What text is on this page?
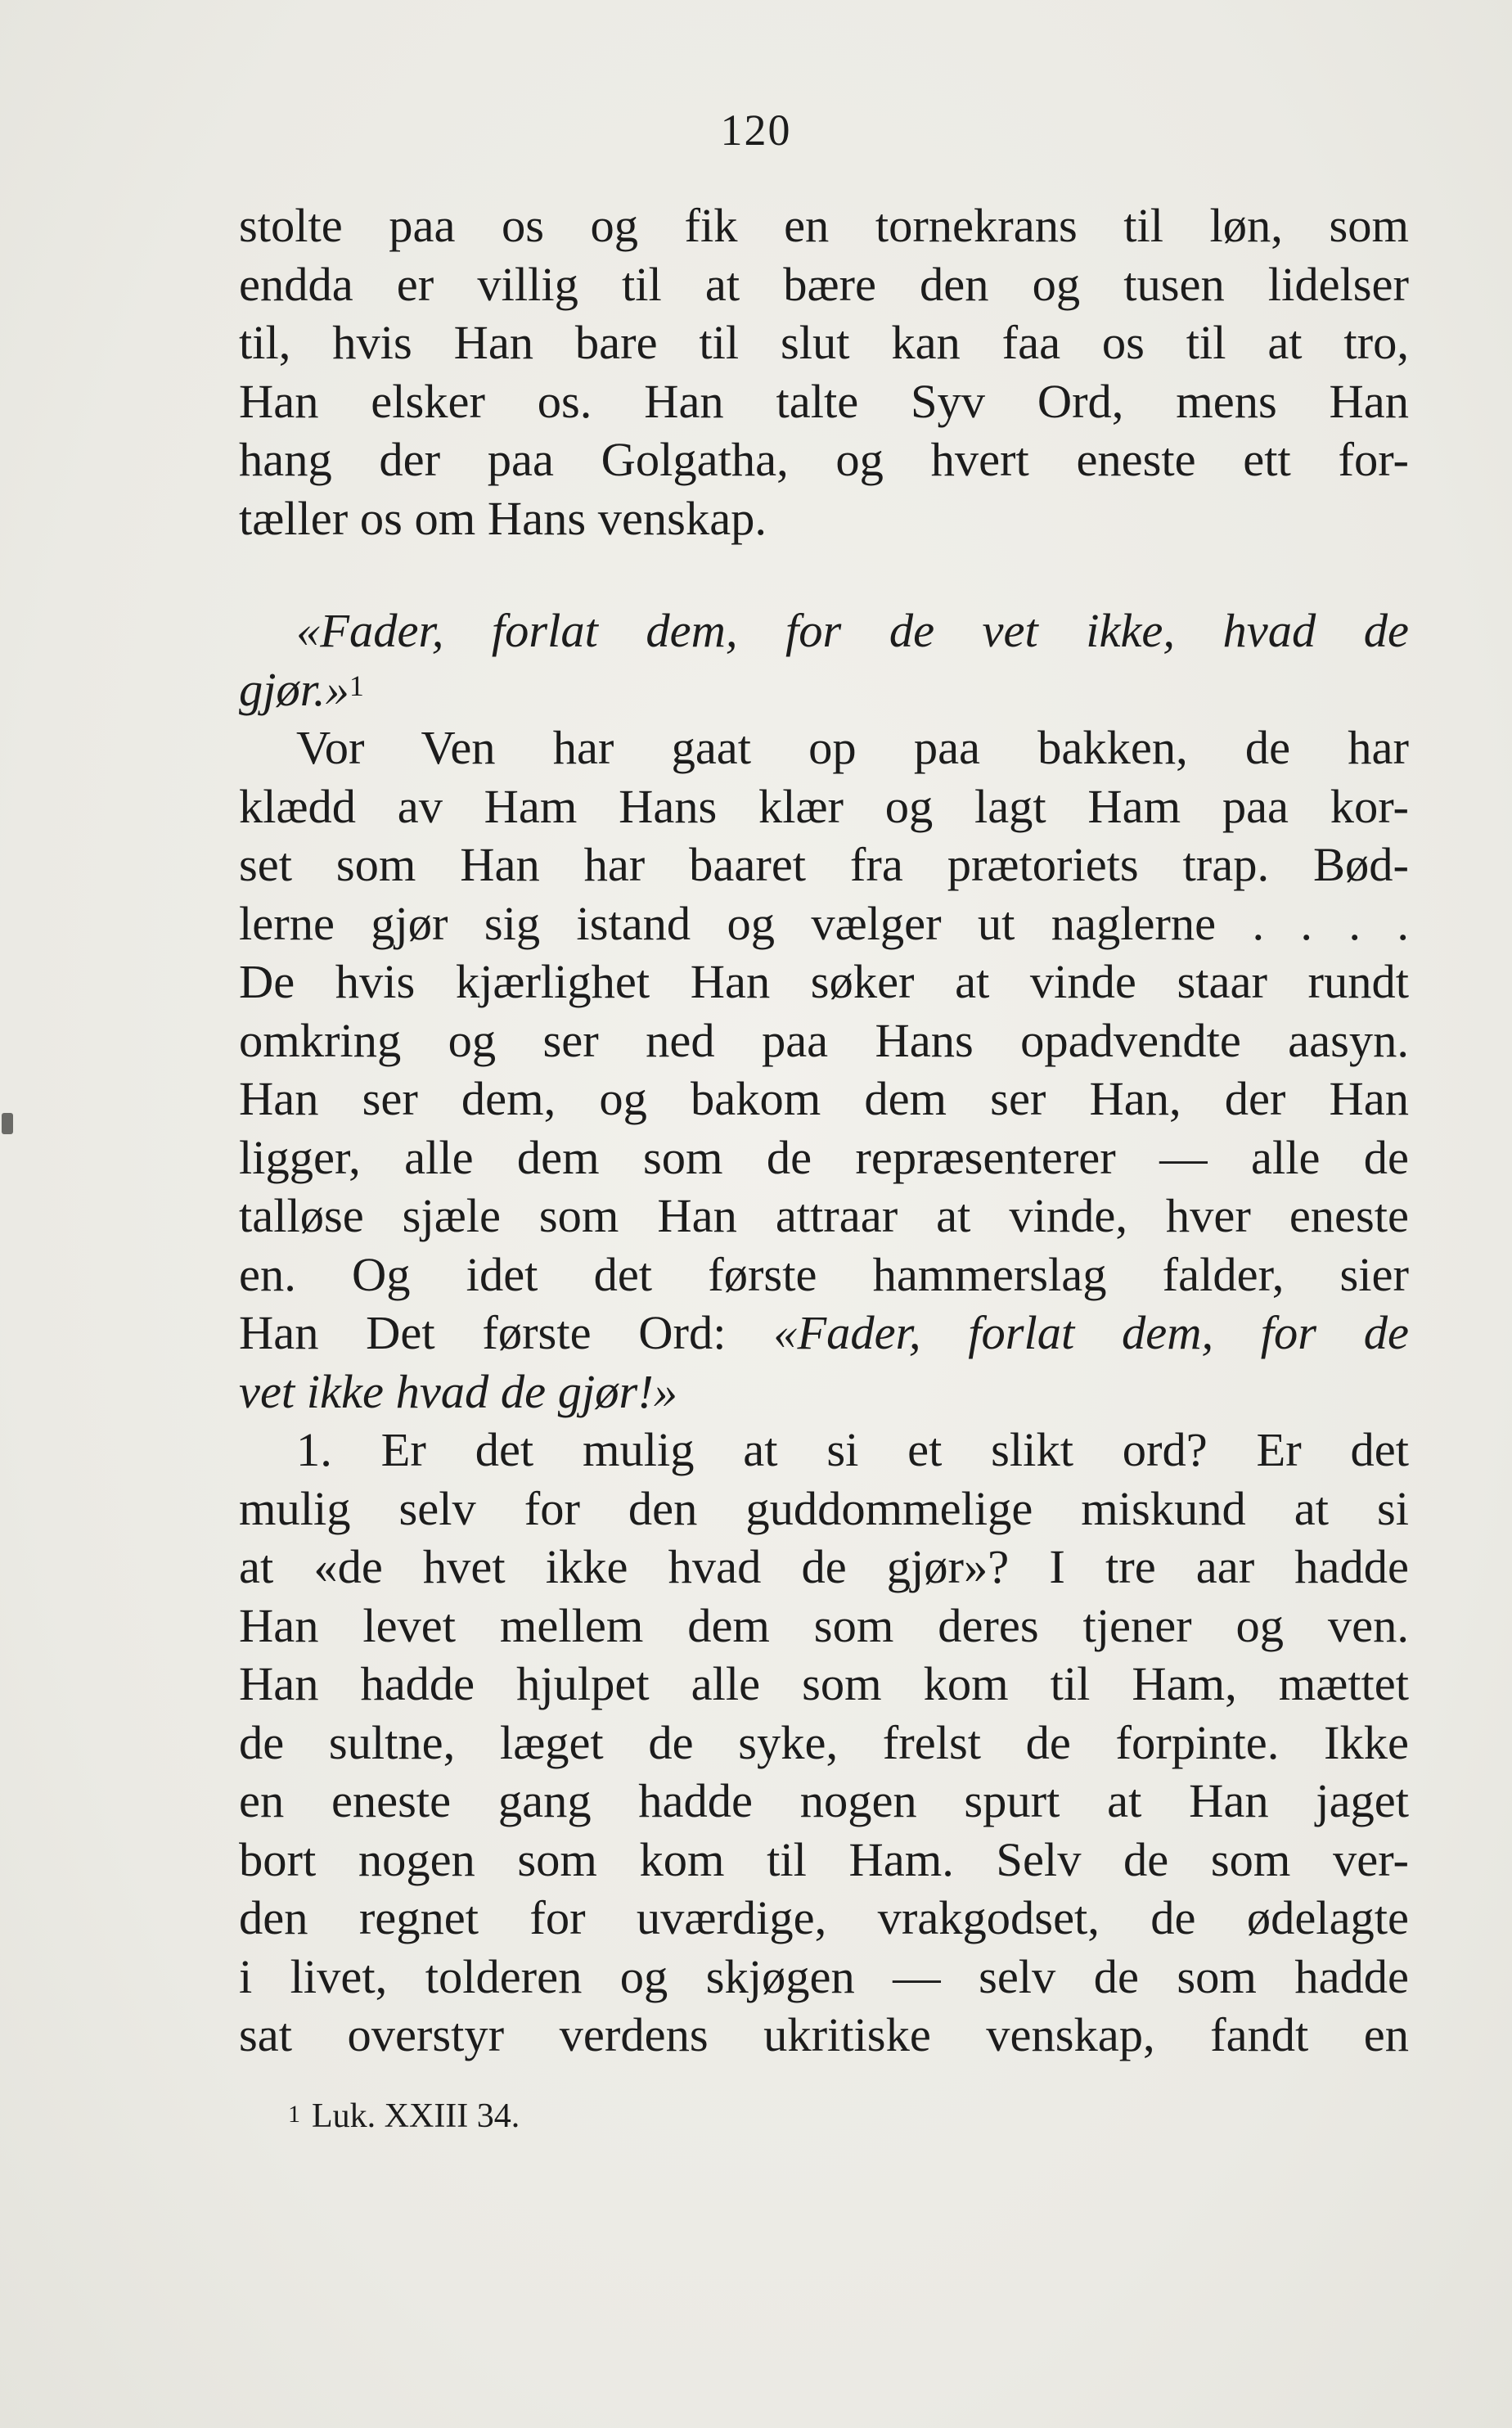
120
stolte paa os og fik en tornekrans til løn, som
endda er villig til at bære den og tusen lidelser
til, hvis Han bare til slut kan faa os til at tro,
Han elsker os. Han talte Syv Ord, mens Han
hang der paa Golgatha, og hvert eneste ett for-
tæller os om Hans venskap.
«Fader, forlat dem, for de vet ikke, hvad de
gjør.»$^1$
Vor Ven har gaat op paa bakken, de har
klædd av Ham Hans klær og lagt Ham paa kor-
set som Han har baaret fra prætoriets trap. Bød-
lerne gjør sig istand og vælger ut naglerne . . . .
De hvis kjærlighet Han søker at vinde staar rundt
omkring og ser ned paa Hans opadvendte aasyn.
Han ser dem, og bakom dem ser Han, der Han
ligger, alle dem som de repræsenterer — alle de
talløse sjæle som Han attraar at vinde, hver eneste
en. Og idet det første hammerslag falder, sier
Han Det første Ord: «Fader, forlat dem, for de
vet ikke hvad de gjør!»
1. Er det mulig at si et slikt ord? Er det
mulig selv for den guddommelige miskund at si
at «de hvet ikke hvad de gjør»? I tre aar hadde
Han levet mellem dem som deres tjener og ven.
Han hadde hjulpet alle som kom til Ham, mættet
de sultne, læget de syke, frelst de forpinte. Ikke
en eneste gang hadde nogen spurt at Han jaget
bort nogen som kom til Ham. Selv de som ver-
den regnet for uværdige, vrakgodset, de ødelagte
i livet, tolderen og skjøgen — selv de som hadde
sat overstyr verdens ukritiske venskap, fandt en
$^1$ Luk. XXIII 34.
